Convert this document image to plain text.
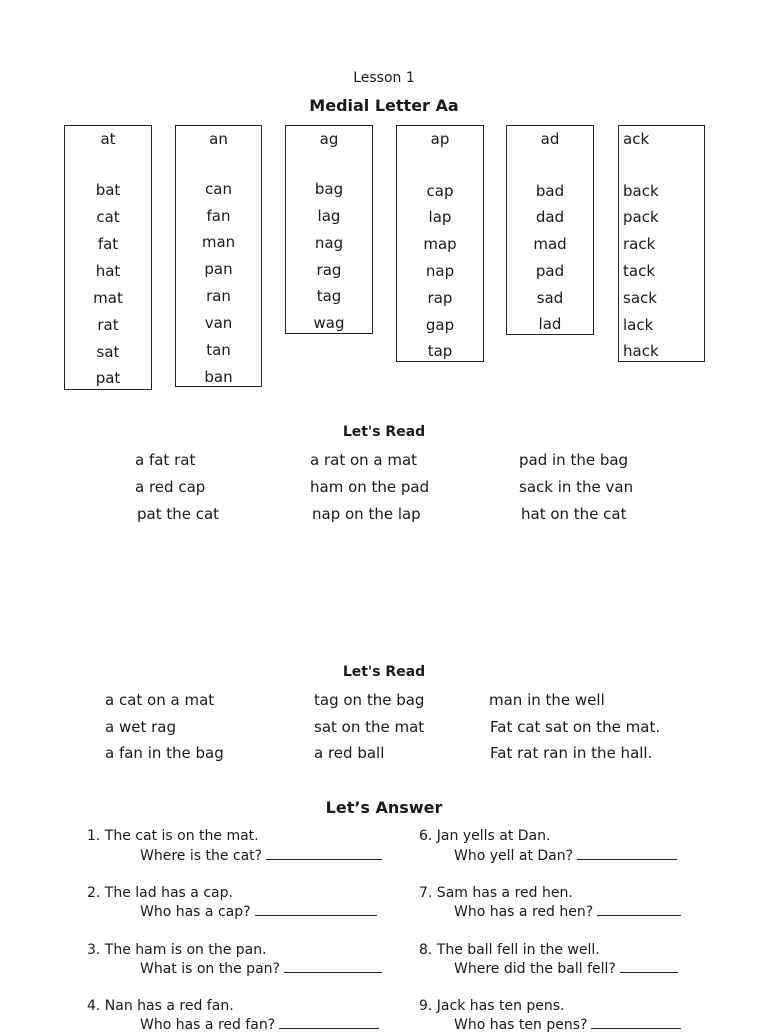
Lesson 1
Medial Letter Aa
at
bat
cat
fat
hat
mat
rat
sat
pat
an
can
fan
man
pan
ran
van
tan
ban
ag
bag
lag
nag
rag
tag
wag
ap
cap
lap
map
nap
rap
gap
tap
ad
bad
dad
mad
pad
sad
lad
ack
back
pack
rack
tack
sack
lack
hack
Let's Read
a fat rat
a red cap
pat the cat
a rat on a mat
ham on the pad
nap on the lap
pad in the bag
sack in the van
hat on the cat
Let's Read
a cat on a mat
a wet rag
a fan in the bag
tag on the bag
sat on the mat
a red ball
man in the well
Fat cat sat on the mat.
Fat rat ran in the hall.
Let’s Answer
1. The cat is on the mat.
Where is the cat?
2. The lad has a cap.
Who has a cap?
3. The ham is on the pan.
What is on the pan?
4. Nan has a red fan.
Who has a red fan?
6. Jan yells at Dan.
Who yell at Dan?
7. Sam has a red hen.
Who has a red hen?
8. The ball fell in the well.
Where did the ball fell?
9. Jack has ten pens.
Who has ten pens?
